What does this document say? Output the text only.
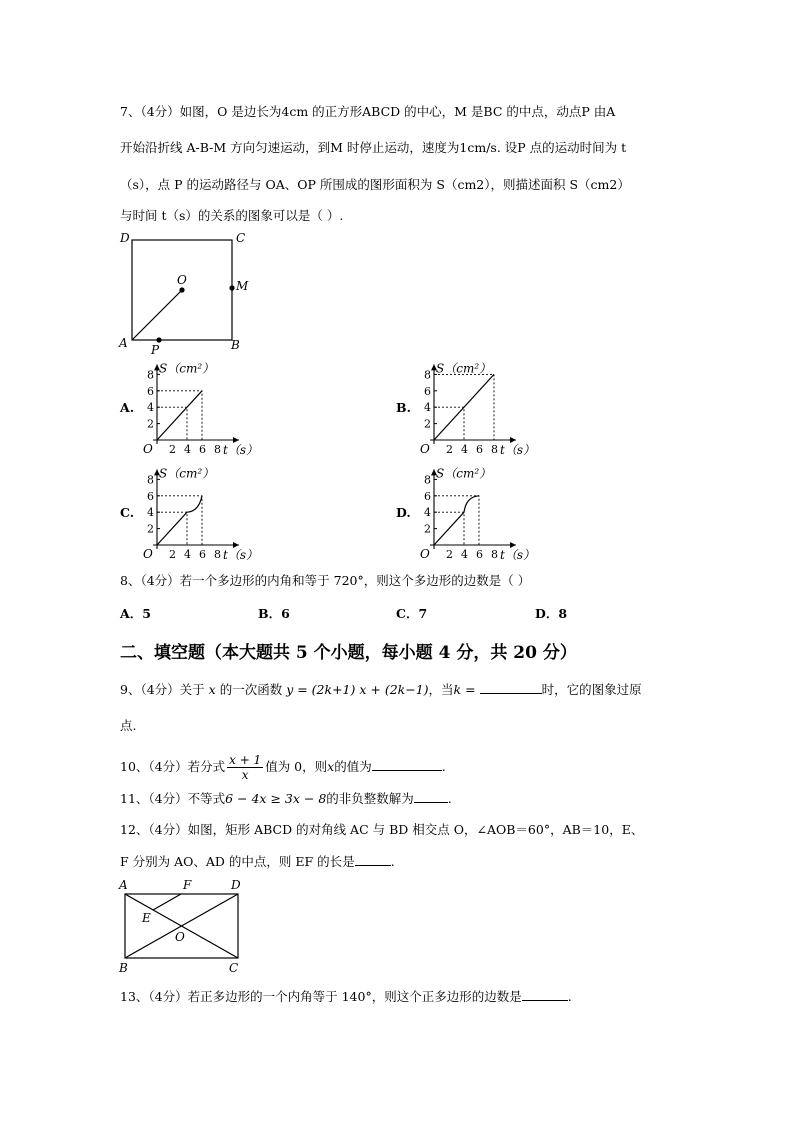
7、（4分）如图，O 是边长为4cm 的正方形ABCD 的中心，M 是BC 的中点，动点P 由A
开始沿折线 A-B-M 方向匀速运动，到M 时停止运动，速度为1cm/s. 设P 点的运动时间为 t
（s），点 P 的运动路径与 OA、OP 所围成的图形面积为 S（cm2），则描述面积 S（cm2）
与时间 t（s）的关系的图象可以是（ ）.
D	C
O	M
A P	B
A.	B.
C.	D.
2
4
6
8
2 4 6 8
O
S（cm²）
t（s）
2
4
6
8
2 4 6 8
O
S（cm²）
t（s）
2
4
6
8
2 4 6 8
O
S（cm²）
t（s）
2
4
6
8
2 4 6 8
O
S（cm²）
t（s）
8、（4分）若一个多边形的内角和等于 720°，则这个多边形的边数是（ ）
A．5	B．6	C．7	D．8
二、填空题（本大题共 5 个小题，每小题 4 分，共 20 分）
9、（4分）关于 x 的一次函数 y = (2k+1) x + (2k−1)，当k =	时，它的图象过原
点.
10、（4分）若分式 $\frac{x + 1}{x}$ 值为 0，则x的值为	.
11、（4分）不等式6 − 4x ≥ 3x − 8的非负整数解为	.
12、（4分）如图，矩形 ABCD 的对角线 AC 与 BD 相交点 O，∠AOB＝60°，AB＝10，E、
F 分别为 AO、AD 的中点，则 EF 的长是	.
A	F	D
E
O
B	C
13、（4分）若正多边形的一个内角等于 140°，则这个正多边形的边数是	.
